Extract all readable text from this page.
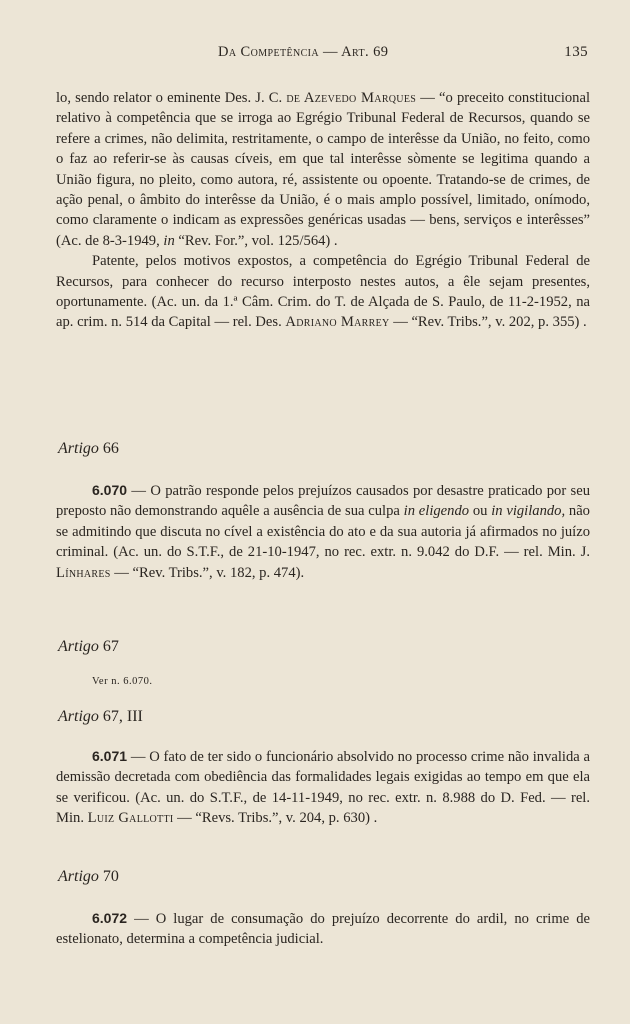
Da Competência — Art. 69	135

lo, sendo relator o eminente Des. J. C. de Azevedo Marques — “o preceito constitucional relativo à competência que se irroga ao Egrégio Tribunal Federal de Recursos, quando se refere a crimes, não delimita, restritamente, o campo de interêsse da União, no feito, como o faz ao referir-se às causas cíveis, em que tal interêsse sòmente se legitima quando a União figura, no pleito, como autora, ré, assistente ou opoente. Tratando-se de crimes, de ação penal, o âmbito do interêsse da União, é o mais amplo possível, limitado, onímodo, como claramente o indicam as expressões genéricas usadas — bens, serviços e interêsses” (Ac. de 8-3-1949, in “Rev. For.”, vol. 125/564) .

Patente, pelos motivos expostos, a competência do Egrégio Tribunal Federal de Recursos, para conhecer do recurso interposto nestes autos, a êle sejam presentes, oportunamente. (Ac. un. da 1.ª Câm. Crim. do T. de Alçada de S. Paulo, de 11-2-1952, na ap. crim. n. 514 da Capital — rel. Des. Adriano Marrey — “Rev. Tribs.”, v. 202, p. 355) .

Artigo 66

6.070 — O patrão responde pelos prejuízos causados por desastre praticado por seu preposto não demonstrando aquêle a ausência de sua culpa in eligendo ou in vigilando, não se admitindo que discuta no cível a existência do ato e da sua autoria já afirmados no juízo criminal. (Ac. un. do S.T.F., de 21-10-1947, no rec. extr. n. 9.042 do D.F. — rel. Min. J. Línhares — “Rev. Tribs.”, v. 182, p. 474).

Artigo 67
Ver n. 6.070.
Artigo 67, III

6.071 — O fato de ter sido o funcionário absolvido no processo crime não invalida a demissão decretada com obediência das formalidades legais exigidas ao tempo em que ela se verificou. (Ac. un. do S.T.F., de 14-11-1949, no rec. extr. n. 8.988 do D. Fed. — rel. Min. Luiz Gallotti — “Revs. Tribs.”, v. 204, p. 630) .

Artigo 70

6.072 — O lugar de consumação do prejuízo decorrente do ardil, no crime de estelionato, determina a competência judicial.
